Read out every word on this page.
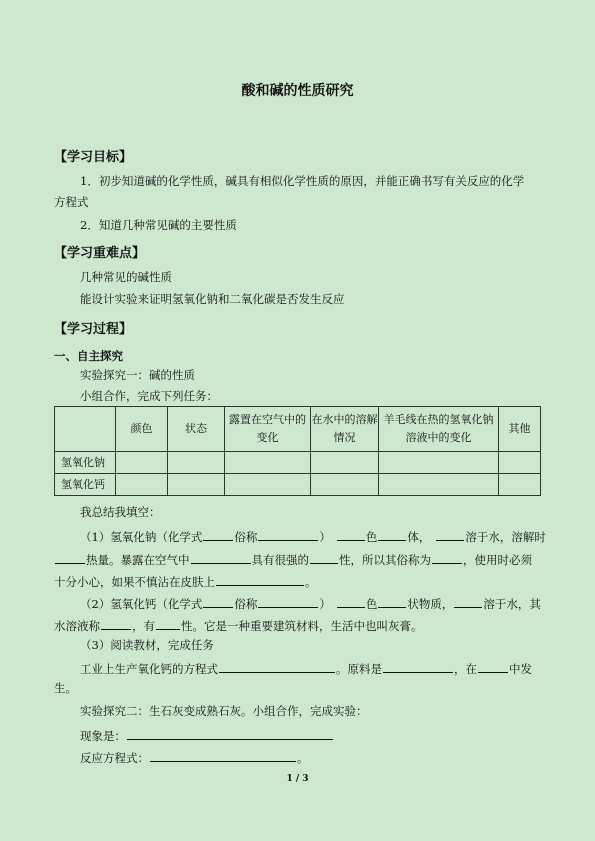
酸和碱的性质研究
【学习目标】
1．初步知道碱的化学性质，碱具有相似化学性质的原因，并能正确书写有关反应的化学
方程式
2．知道几种常见碱的主要性质
【学习重难点】
几种常见的碱性质
能设计实验来证明氢氧化钠和二氧化碳是否发生反应
【学习过程】
一、自主探究
实验探究一：碱的性质
小组合作，完成下列任务：
	颜色	状态	露置在空气中的变化	在水中的溶解情况	羊毛线在热的氢氧化钠溶液中的变化	其他
氢氧化钠						
氢氧化钙						
我总结我填空：
（1）氢氧化钠（化学式	俗称	）	色	体，	溶于水，溶解时
热量。暴露在空气中	具有很强的	性，所以其俗称为	，使用时必须
十分小心，如果不慎沾在皮肤上	。
（2）氢氧化钙（化学式	俗称	）	色	状物质，	溶于水，其
水溶液称	，有 性。它是一种重要建筑材料，生活中也叫灰膏。
（3）阅读教材，完成任务
工业上生产氧化钙的方程式	。原料是	，在	中发
生。
实验探究二：生石灰变成熟石灰。小组合作，完成实验：
现象是：
反应方程式：	。
1 / 3
